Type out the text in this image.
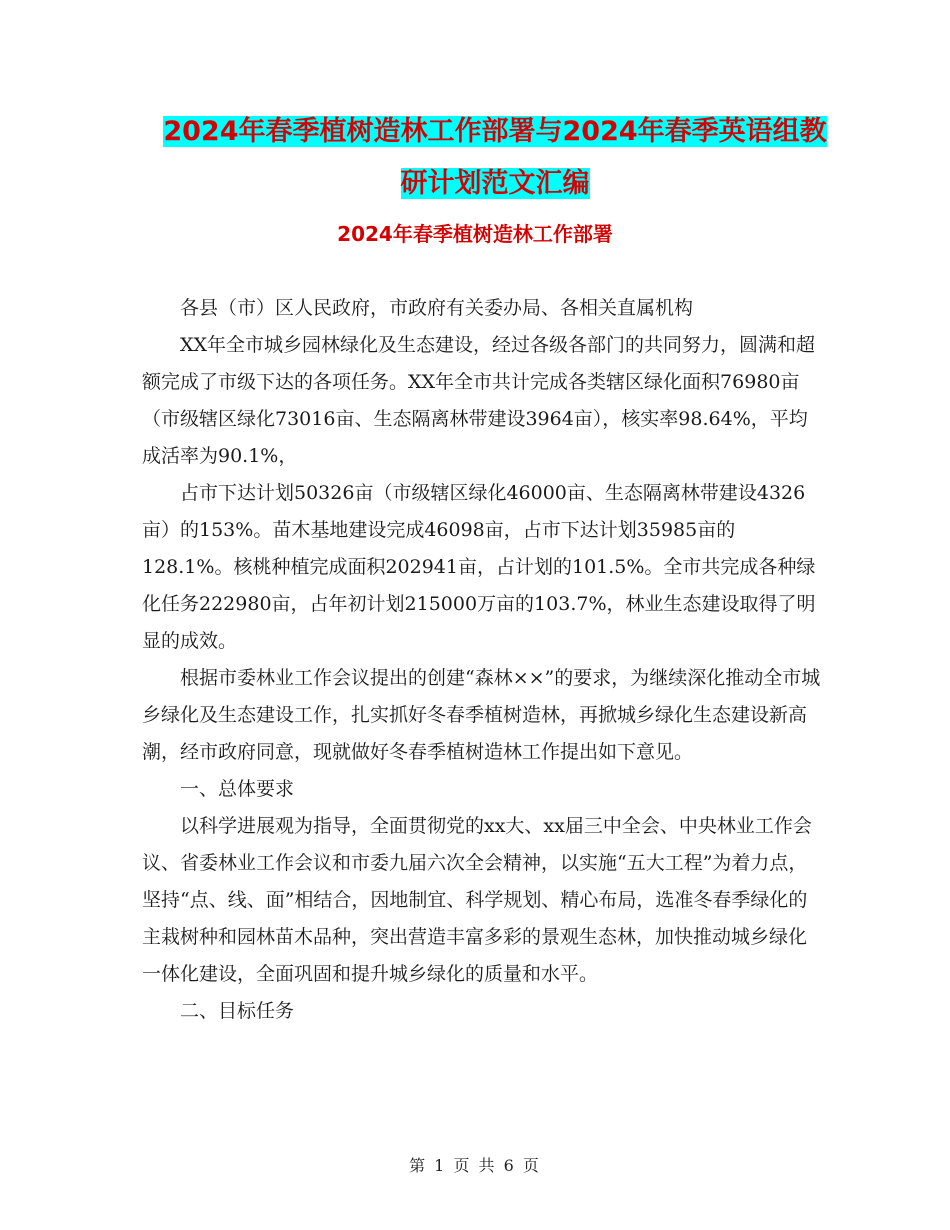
2024年春季植树造林工作部署与2024年春季英语组教
研计划范文汇编
2024年春季植树造林工作部署

各县（市）区人民政府，市政府有关委办局、各相关直属机构

XX年全市城乡园林绿化及生态建设，经过各级各部门的共同努力，圆满和超额完成了市级下达的各项任务。XX年全市共计完成各类辖区绿化面积76980亩（市级辖区绿化73016亩、生态隔离林带建设3964亩），核实率98.64%，平均成活率为90.1%，

占市下达计划50326亩（市级辖区绿化46000亩、生态隔离林带建设4326亩）的153%。苗木基地建设完成46098亩，占市下达计划35985亩的128.1%。核桃种植完成面积202941亩，占计划的101.5%。全市共完成各种绿化任务222980亩，占年初计划215000万亩的103.7%，林业生态建设取得了明显的成效。

根据市委林业工作会议提出的创建“森林××”的要求，为继续深化推动全市城乡绿化及生态建设工作，扎实抓好冬春季植树造林，再掀城乡绿化生态建设新高潮，经市政府同意，现就做好冬春季植树造林工作提出如下意见。

一、总体要求

以科学进展观为指导，全面贯彻党的xx大、xx届三中全会、中央林业工作会议、省委林业工作会议和市委九届六次全会精神，以实施“五大工程”为着力点，坚持“点、线、面”相结合，因地制宜、科学规划、精心布局，选准冬春季绿化的主栽树种和园林苗木品种，突出营造丰富多彩的景观生态林，加快推动城乡绿化一体化建设，全面巩固和提升城乡绿化的质量和水平。

二、目标任务

第 1 页 共 6 页
